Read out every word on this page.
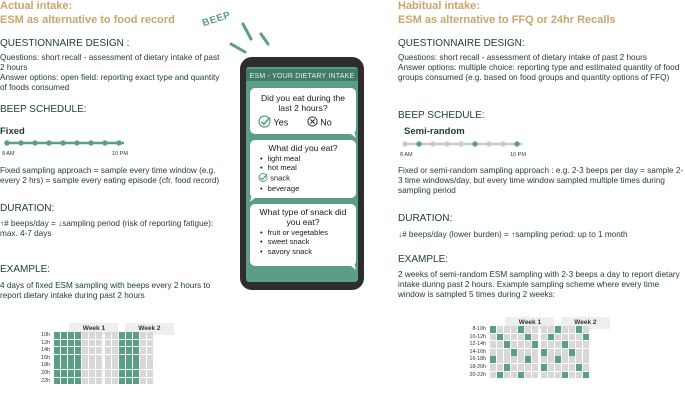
Actual intake:
ESM as alternative to food record
QUESTIONNAIRE DESIGN :
Questions: short recall - assessment of dietary intake of past 2 hours
Answer options: open field: reporting exact type and quantity of foods consumed
BEEP SCHEDULE:
Fixed
8 AM	10 PM
Fixed sampling approach = sample every time window (e.g. every 2 hrs) = sample every eating episode (cfr. food record)
DURATION:
↑# beeps/day = ↓sampling period (risk of reporting fatigue): max. 4-7 days
EXAMPLE:
4 days of fixed ESM sampling with beeps every 2 hours to report dietary intake during past 2 hours
Week 1	Week 2
10h
12h
14h
16h
18h
20h
22h
BEEP
ESM - YOUR DIETARY INTAKE
Did you eat during the last 2 hours?
Yes	No
What did you eat?
• light meal
• hot meal
snack
• beverage
What type of snack did you eat?
• fruit or vegetables
• sweet snack
• savory snack
Habitual intake:
ESM as alternative to FFQ or 24hr Recalls
QUESTIONNAIRE DESIGN:
Questions: short recall - assessment of dietary intake of past 2 hours
Answer options: multiple choice: reporting type and estimated quantity of food groups consumed (e.g. based on food groups and quantity options of FFQ)
BEEP SCHEDULE:
Semi-random
8 AM	10 PM
Fixed or semi-random sampling approach : e.g. 2-3 beeps per day = sample 2-3 time windows/day, but every time window sampled multiple times during sampling period
DURATION:
↓# beeps/day (lower burden) = ↑sampling period: up to 1 month
EXAMPLE:
2 weeks of semi-random ESM sampling with 2-3 beeps a day to report dietary intake during past 2 hours. Example sampling scheme where every time window is sampled 5 times during 2 weeks:
Week 1	Week 2
8-10h
10-12h
12-14h
14-16h
16-18h
18-20h
20-22h
